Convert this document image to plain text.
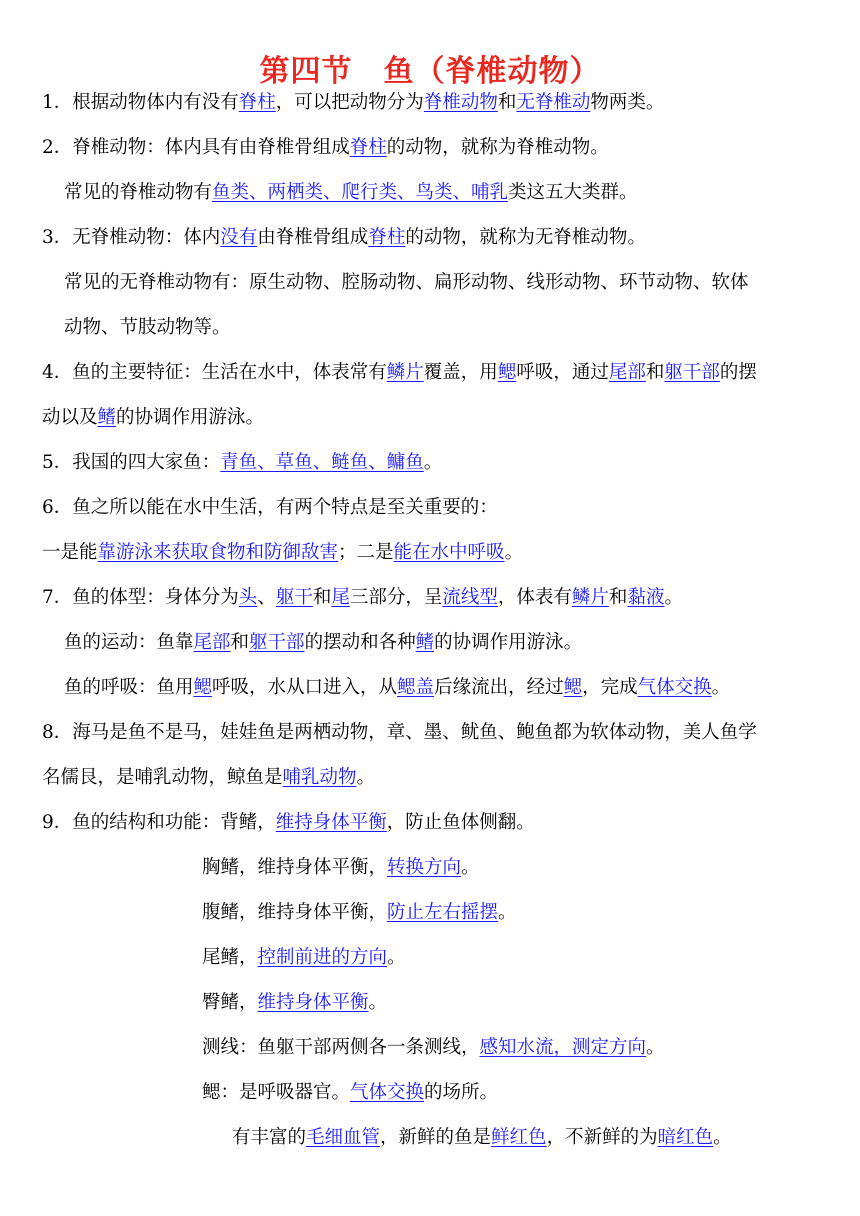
第四节　鱼（脊椎动物）
1．根据动物体内有没有脊柱，可以把动物分为脊椎动物和无脊椎动物两类。
2．脊椎动物：体内具有由脊椎骨组成脊柱的动物，就称为脊椎动物。
常见的脊椎动物有鱼类、两栖类、爬行类、鸟类、哺乳类这五大类群。
3．无脊椎动物：体内没有由脊椎骨组成脊柱的动物，就称为无脊椎动物。
常见的无脊椎动物有：原生动物、腔肠动物、扁形动物、线形动物、环节动物、软体
动物、节肢动物等。
4．鱼的主要特征：生活在水中，体表常有鳞片覆盖，用鳃呼吸，通过尾部和躯干部的摆
动以及鳍的协调作用游泳。
5．我国的四大家鱼：青鱼、草鱼、鲢鱼、鳙鱼。
6．鱼之所以能在水中生活，有两个特点是至关重要的：
一是能靠游泳来获取食物和防御敌害；二是能在水中呼吸。
7．鱼的体型：身体分为头、躯干和尾三部分，呈流线型，体表有鳞片和黏液。
鱼的运动：鱼靠尾部和躯干部的摆动和各种鳍的协调作用游泳。
鱼的呼吸：鱼用鳃呼吸，水从口进入，从鳃盖后缘流出，经过鳃，完成气体交换。
8．海马是鱼不是马，娃娃鱼是两栖动物，章、墨、鱿鱼、鲍鱼都为软体动物，美人鱼学
名儒艮，是哺乳动物，鲸鱼是哺乳动物。
9．鱼的结构和功能：背鳍，维持身体平衡，防止鱼体侧翻。
胸鳍，维持身体平衡，转换方向。
腹鳍，维持身体平衡，防止左右摇摆。
尾鳍，控制前进的方向。
臀鳍，维持身体平衡。
测线：鱼躯干部两侧各一条测线，感知水流，测定方向。
鳃：是呼吸器官。气体交换的场所。
有丰富的毛细血管，新鲜的鱼是鲜红色，不新鲜的为暗红色。
